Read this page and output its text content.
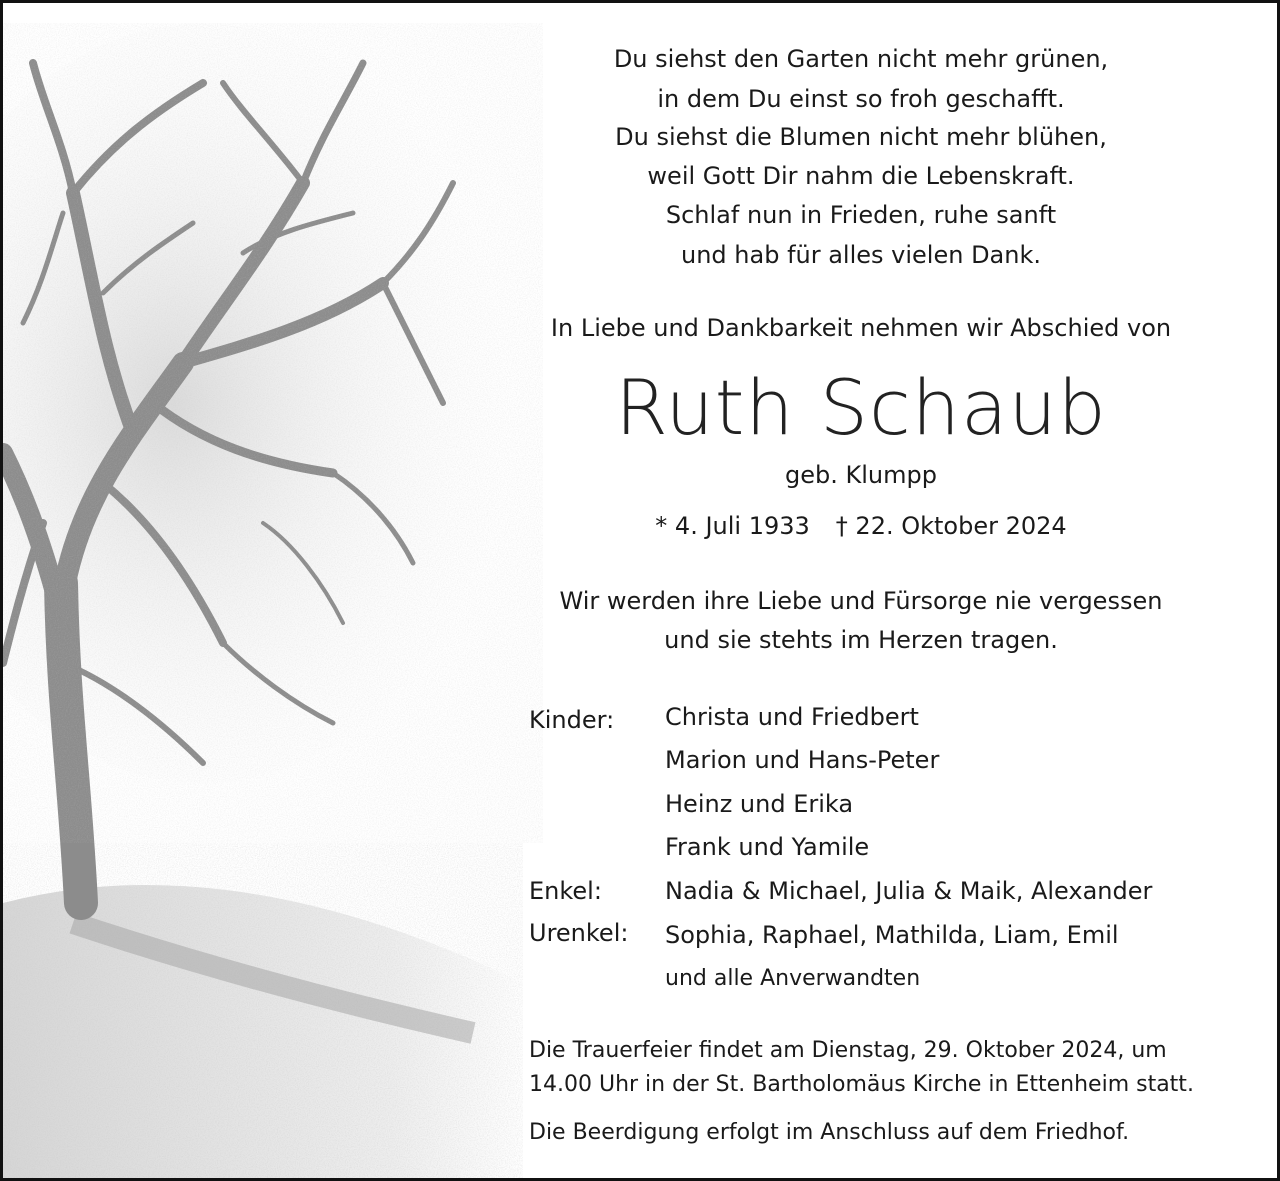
Du siehst den Garten nicht mehr grünen,
in dem Du einst so froh geschafft.
Du siehst die Blumen nicht mehr blühen,
weil Gott Dir nahm die Lebenskraft.
Schlaf nun in Frieden, ruhe sanft
und hab für alles vielen Dank.
In Liebe und Dankbarkeit nehmen wir Abschied von
Ruth Schaub
geb. Klumpp
* 4. Juli 1933 † 22. Oktober 2024
Wir werden ihre Liebe und Fürsorge nie vergessen
und sie stehts im Herzen tragen.
Kinder: Christa und Friedbert
Marion und Hans-Peter
Heinz und Erika
Frank und Yamile
Enkel:	Nadia & Michael, Julia & Maik, Alexander
Urenkel: Sophia, Raphael, Mathilda, Liam, Emil
und alle Anverwandten
Die Trauerfeier findet am Dienstag, 29. Oktober 2024, um
14.00 Uhr in der St. Bartholomäus Kirche in Ettenheim statt.
Die Beerdigung erfolgt im Anschluss auf dem Friedhof.
